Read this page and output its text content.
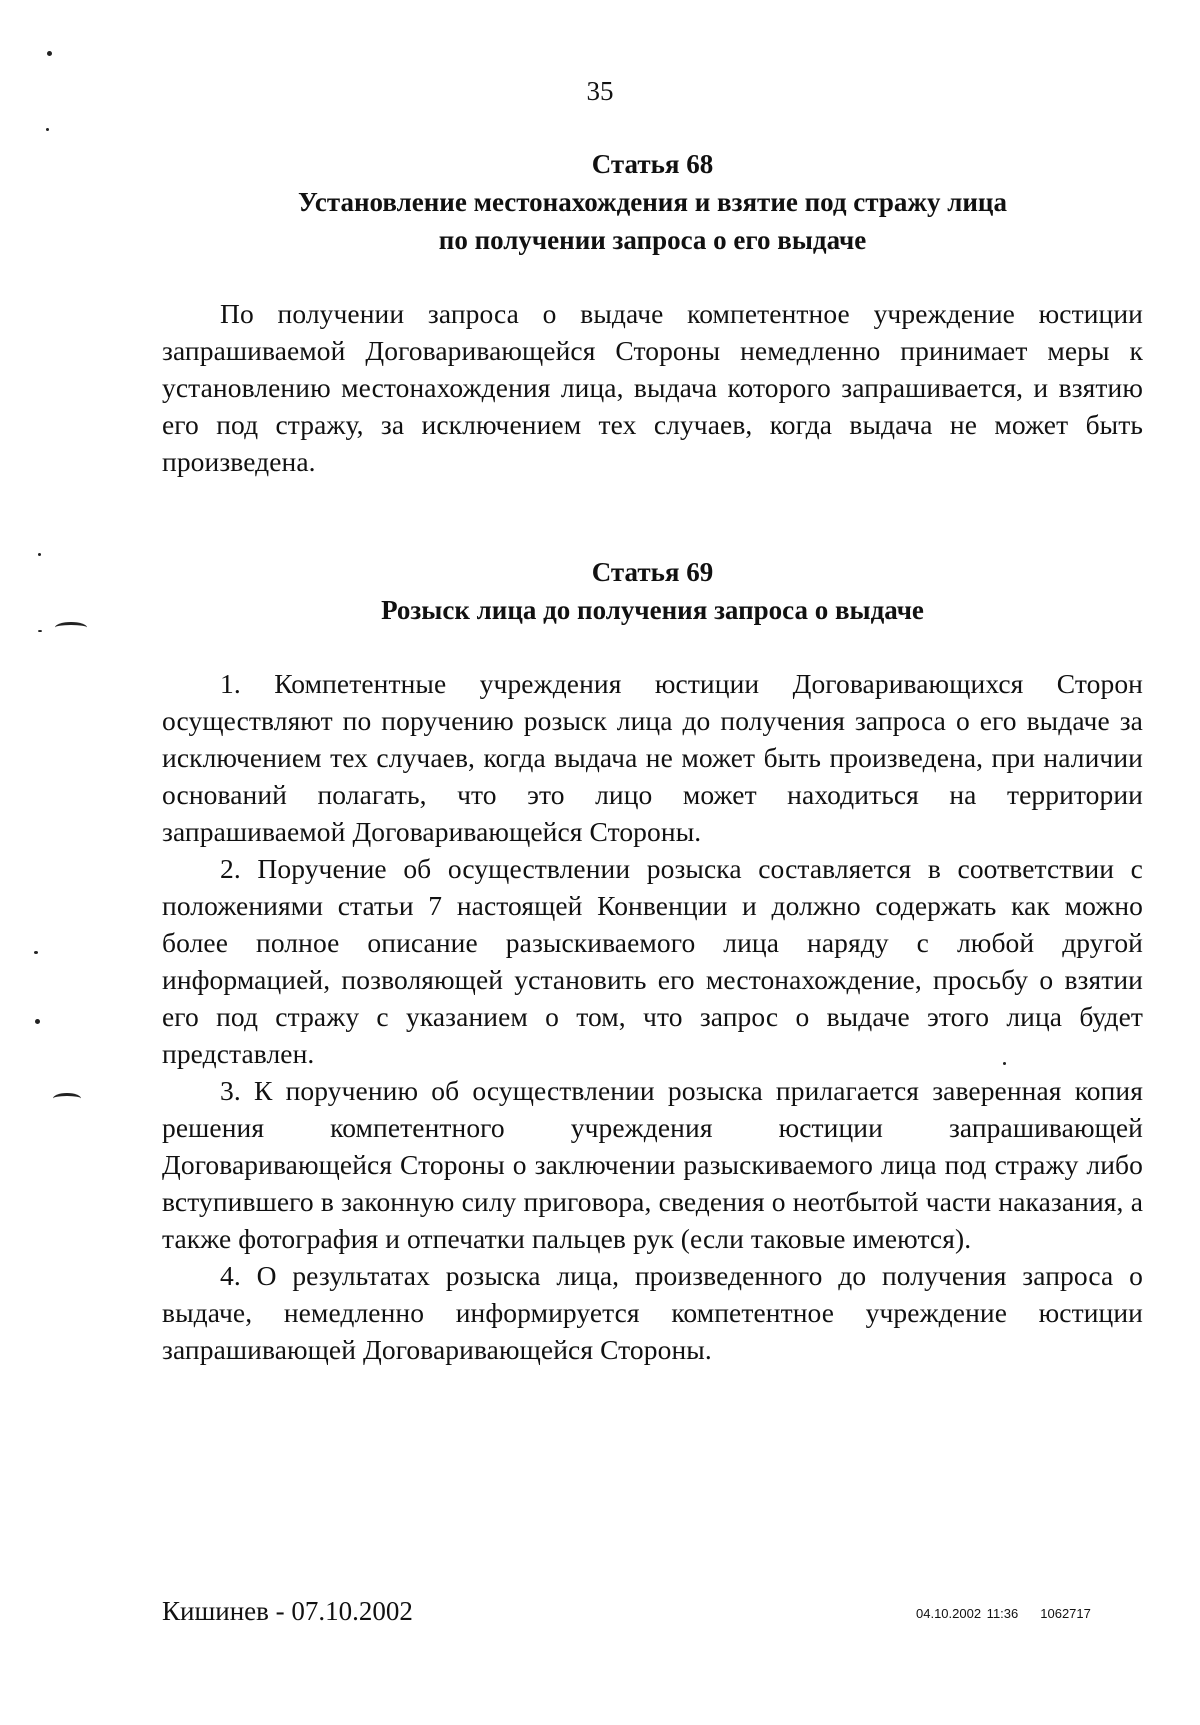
35

Статья 68

Установление местонахождения и взятие под стражу лица

по получении запроса о его выдаче

По получении запроса о выдаче компетентное учреждение юстиции запрашиваемой Договаривающейся Стороны немедленно принимает меры к установлению местонахождения лица, выдача которого запрашивается, и взятию его под стражу, за исключением тех случаев, когда выдача не может быть произведена.

Статья 69

Розыск лица до получения запроса о выдаче

1. Компетентные учреждения юстиции Договаривающихся Сторон осуществляют по поручению розыск лица до получения запроса о его выдаче за исключением тех случаев, когда выдача не может быть произведена, при наличии оснований полагать, что это лицо может находиться на территории запрашиваемой Договаривающейся Стороны.

2. Поручение об осуществлении розыска составляется в соответствии с положениями статьи 7 настоящей Конвенции и должно содержать как можно более полное описание разыскиваемого лица наряду с любой другой информацией, позволяющей установить его местонахождение, просьбу о взятии его под стражу с указанием о том, что запрос о выдаче этого лица будет представлен.

3. К поручению об осуществлении розыска прилагается заверенная копия решения компетентного учреждения юстиции запрашивающей Договаривающейся Стороны о заключении разыскиваемого лица под стражу либо вступившего в законную силу приговора, сведения о неотбытой части наказания, а также фотография и отпечатки пальцев рук (если таковые имеются).

4. О результатах розыска лица, произведенного до получения запроса о выдаче, немедленно информируется компетентное учреждение юстиции запрашивающей Договаривающейся Стороны.

Кишинев - 07.10.2002	04.10.2002 11:36 1062717
